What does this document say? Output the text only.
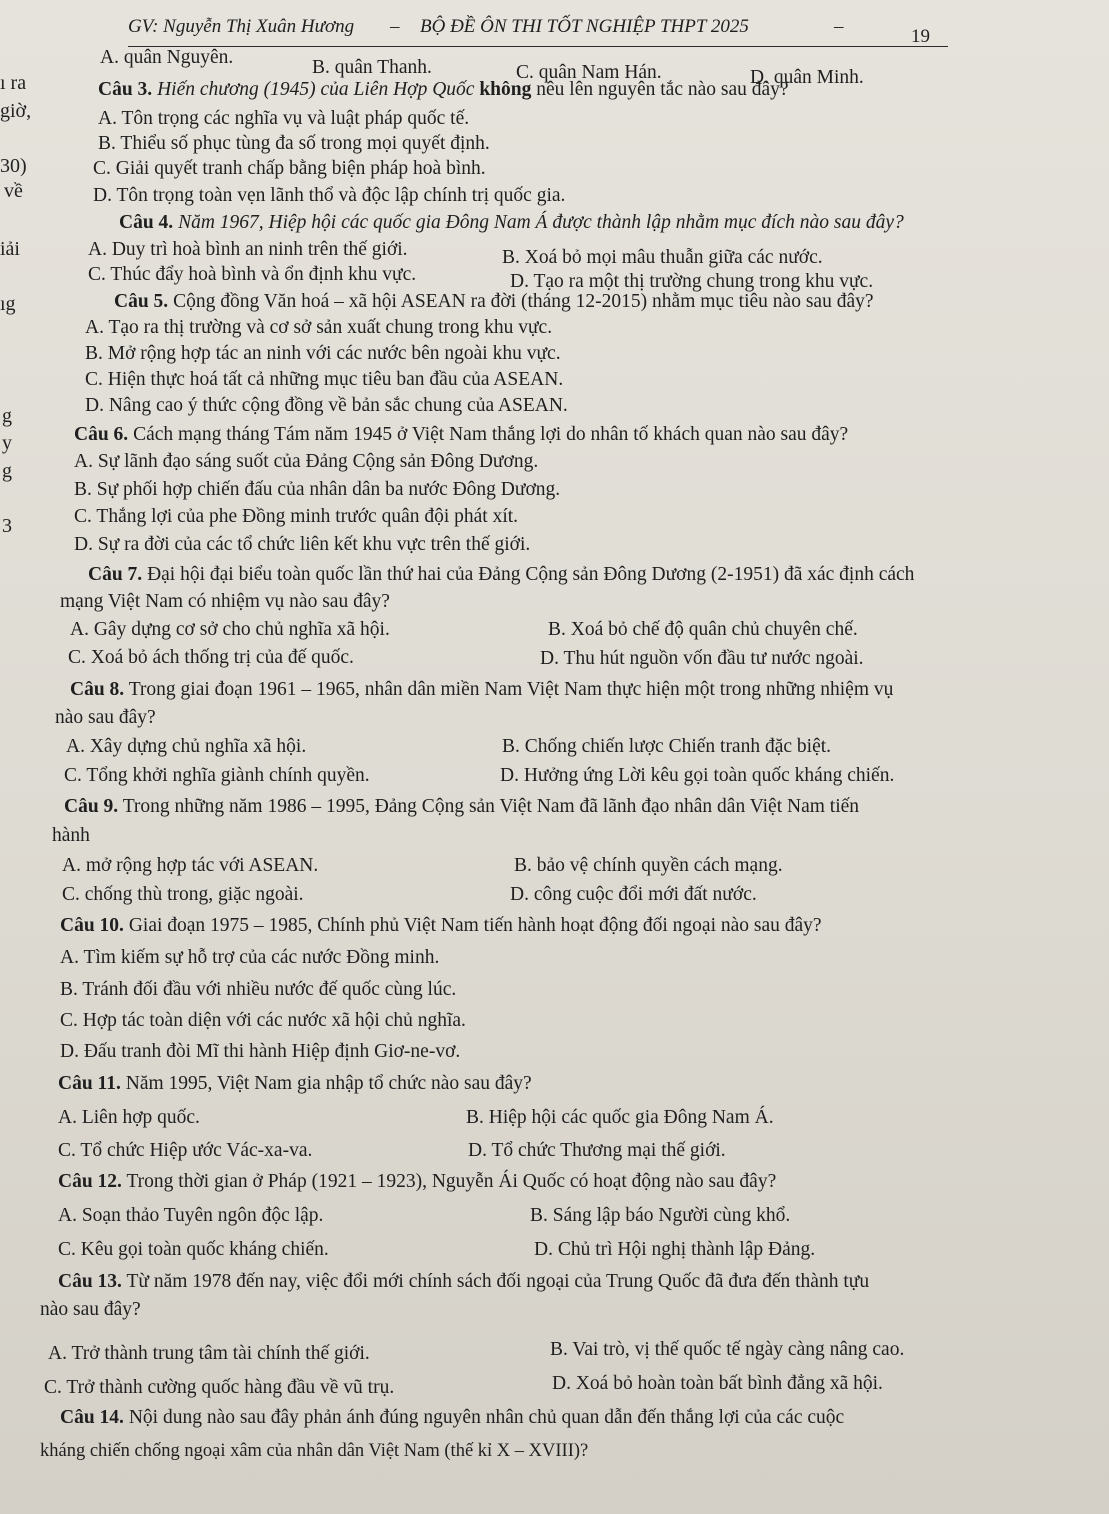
GV: Nguyễn Thị Xuân Hương – BỘ ĐỀ ÔN THI TỐT NGHIỆP THPT 2025	–	19
ı ra
giờ,
30)
về
iải
ıg
g
y
g
3
A. quân Nguyên.	B. quân Thanh.	C. quân Nam Hán.	D. quân Minh.
Câu 3. Hiến chương (1945) của Liên Hợp Quốc không nêu lên nguyên tắc nào sau đây?
A. Tôn trọng các nghĩa vụ và luật pháp quốc tế.
B. Thiểu số phục tùng đa số trong mọi quyết định.
C. Giải quyết tranh chấp bằng biện pháp hoà bình.
D. Tôn trọng toàn vẹn lãnh thổ và độc lập chính trị quốc gia.
Câu 4. Năm 1967, Hiệp hội các quốc gia Đông Nam Á được thành lập nhằm mục đích nào sau đây?
A. Duy trì hoà bình an ninh trên thế giới.	B. Xoá bỏ mọi mâu thuẫn giữa các nước.
C. Thúc đẩy hoà bình và ổn định khu vực.	D. Tạo ra một thị trường chung trong khu vực.
Câu 5. Cộng đồng Văn hoá – xã hội ASEAN ra đời (tháng 12-2015) nhằm mục tiêu nào sau đây?
A. Tạo ra thị trường và cơ sở sản xuất chung trong khu vực.
B. Mở rộng hợp tác an ninh với các nước bên ngoài khu vực.
C. Hiện thực hoá tất cả những mục tiêu ban đầu của ASEAN.
D. Nâng cao ý thức cộng đồng về bản sắc chung của ASEAN.
Câu 6. Cách mạng tháng Tám năm 1945 ở Việt Nam thắng lợi do nhân tố khách quan nào sau đây?
A. Sự lãnh đạo sáng suốt của Đảng Cộng sản Đông Dương.
B. Sự phối hợp chiến đấu của nhân dân ba nước Đông Dương.
C. Thắng lợi của phe Đồng minh trước quân đội phát xít.
D. Sự ra đời của các tổ chức liên kết khu vực trên thế giới.
Câu 7. Đại hội đại biểu toàn quốc lần thứ hai của Đảng Cộng sản Đông Dương (2-1951) đã xác định cách
mạng Việt Nam có nhiệm vụ nào sau đây?
A. Gây dựng cơ sở cho chủ nghĩa xã hội.	B. Xoá bỏ chế độ quân chủ chuyên chế.
C. Xoá bỏ ách thống trị của đế quốc.	D. Thu hút nguồn vốn đầu tư nước ngoài.
Câu 8. Trong giai đoạn 1961 – 1965, nhân dân miền Nam Việt Nam thực hiện một trong những nhiệm vụ
nào sau đây?
A. Xây dựng chủ nghĩa xã hội.	B. Chống chiến lược Chiến tranh đặc biệt.
C. Tổng khởi nghĩa giành chính quyền.	D. Hưởng ứng Lời kêu gọi toàn quốc kháng chiến.
Câu 9. Trong những năm 1986 – 1995, Đảng Cộng sản Việt Nam đã lãnh đạo nhân dân Việt Nam tiến
hành
A. mở rộng hợp tác với ASEAN.	B. bảo vệ chính quyền cách mạng.
C. chống thù trong, giặc ngoài.	D. công cuộc đổi mới đất nước.
Câu 10. Giai đoạn 1975 – 1985, Chính phủ Việt Nam tiến hành hoạt động đối ngoại nào sau đây?
A. Tìm kiếm sự hỗ trợ của các nước Đồng minh.
B. Tránh đối đầu với nhiều nước đế quốc cùng lúc.
C. Hợp tác toàn diện với các nước xã hội chủ nghĩa.
D. Đấu tranh đòi Mĩ thi hành Hiệp định Giơ-ne-vơ.
Câu 11. Năm 1995, Việt Nam gia nhập tổ chức nào sau đây?
A. Liên hợp quốc.	B. Hiệp hội các quốc gia Đông Nam Á.
C. Tổ chức Hiệp ước Vác-xa-va.	D. Tổ chức Thương mại thế giới.
Câu 12. Trong thời gian ở Pháp (1921 – 1923), Nguyễn Ái Quốc có hoạt động nào sau đây?
A. Soạn thảo Tuyên ngôn độc lập.	B. Sáng lập báo Người cùng khổ.
C. Kêu gọi toàn quốc kháng chiến.	D. Chủ trì Hội nghị thành lập Đảng.
Câu 13. Từ năm 1978 đến nay, việc đổi mới chính sách đối ngoại của Trung Quốc đã đưa đến thành tựu
nào sau đây?
A. Trở thành trung tâm tài chính thế giới.	B. Vai trò, vị thế quốc tế ngày càng nâng cao.
C. Trở thành cường quốc hàng đầu về vũ trụ.	D. Xoá bỏ hoàn toàn bất bình đẳng xã hội.
Câu 14. Nội dung nào sau đây phản ánh đúng nguyên nhân chủ quan dẫn đến thắng lợi của các cuộc
kháng chiến chống ngoại xâm của nhân dân Việt Nam (thế kỉ X – XVIII)?
